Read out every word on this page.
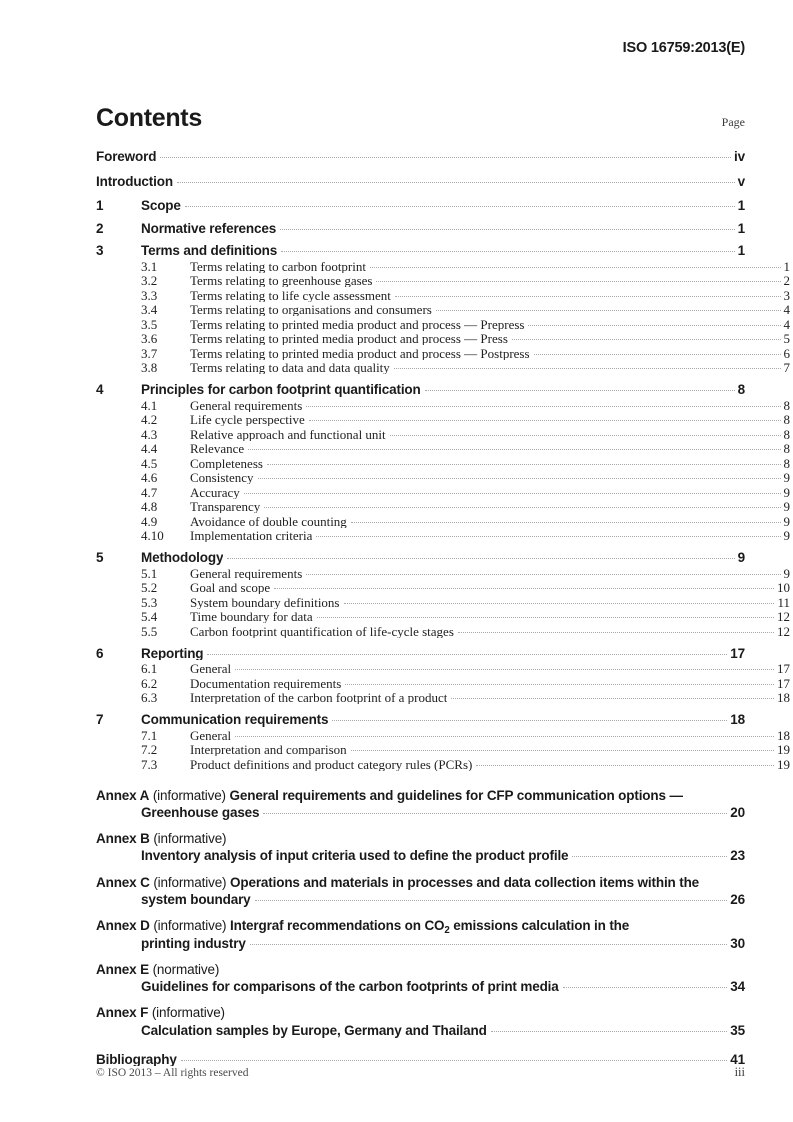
ISO 16759:2013(E)
Contents	Page
Foreword	iv
Introduction	v
1	Scope	1
2	Normative references	1
3	Terms and definitions	1
3.1	Terms relating to carbon footprint	1
3.2	Terms relating to greenhouse gases	2
3.3	Terms relating to life cycle assessment	3
3.4	Terms relating to organisations and consumers	4
3.5	Terms relating to printed media product and process — Prepress	4
3.6	Terms relating to printed media product and process — Press	5
3.7	Terms relating to printed media product and process — Postpress	6
3.8	Terms relating to data and data quality	7
4	Principles for carbon footprint quantification	8
4.1	General requirements	8
4.2	Life cycle perspective	8
4.3	Relative approach and functional unit	8
4.4	Relevance	8
4.5	Completeness	8
4.6	Consistency	9
4.7	Accuracy	9
4.8	Transparency	9
4.9	Avoidance of double counting	9
4.10	Implementation criteria	9
5	Methodology	9
5.1	General requirements	9
5.2	Goal and scope	10
5.3	System boundary definitions	11
5.4	Time boundary for data	12
5.5	Carbon footprint quantification of life-cycle stages	12
6	Reporting	17
6.1	General	17
6.2	Documentation requirements	17
6.3	Interpretation of the carbon footprint of a product	18
7	Communication requirements	18
7.1	General	18
7.2	Interpretation and comparison	19
7.3	Product definitions and product category rules (PCRs)	19
Annex A (informative) General requirements and guidelines for CFP communication options —

Greenhouse gases	20
Annex B (informative)
Inventory analysis of input criteria used to define the product profile	23
Annex C (informative) Operations and materials in processes and data collection items within the

system boundary	26
Annex D (informative) Intergraf recommendations on $CO_2$ emissions calculation in the

printing industry	30
Annex E (normative)
Guidelines for comparisons of the carbon footprints of print media	34
Annex F (informative)
Calculation samples by Europe, Germany and Thailand	35
Bibliography	41
© ISO 2013 – All rights reserved	iii
